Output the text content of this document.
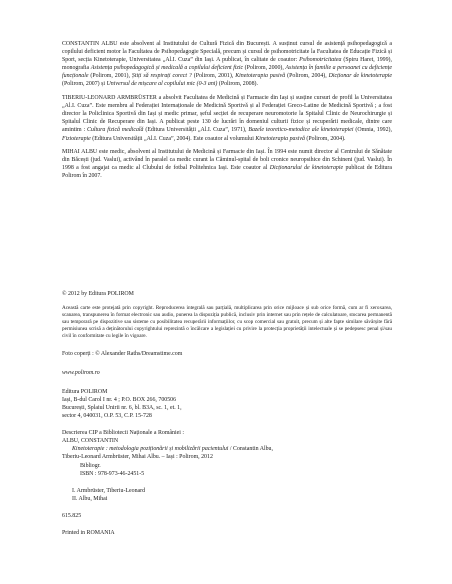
CONSTANTIN ALBU este absolvent al Institutului de Cultură Fizică din București. A susținut cursul de asistență psihopedagogică a copilului deficient motor la Facultatea de Psihopedagogie Specială, precum și cursul de psihomotricitate la Facultatea de Educație Fizică și Sport, secția Kinetoterapie, Universitatea „Al.I. Cuza” din Iași. A publicat, în calitate de coautor: Psihomotricitatea (Spiru Haret, 1999), monografia Asistența psihopedagogică și medicală a copilului deficient fizic (Polirom, 2000), Asistența în familie a persoanei cu deficiențe funcționale (Polirom, 2001), Știți să respirați corect ? (Polirom, 2001), Kinetoterapia pasivă (Polirom, 2004), Dicționar de kinetoterapie (Polirom, 2007) și Universul de mișcare al copilului mic (0-3 ani) (Polirom, 2008).

TIBERIU-LEONARD ARMBRÜSTER a absolvit Facultatea de Medicină și Farmacie din Iași și susține cursuri de profil la Universitatea „Al.I. Cuza”. Este membru al Federației Internaționale de Medicină Sportivă și al Federației Greco-Latine de Medicină Sportivă ; a fost director la Policlinica Sportivă din Iași și medic primar, șeful secției de recuperare neuromotorie la Spitalul Clinic de Neurochirurgie și Spitalul Clinic de Recuperare din Iași. A publicat peste 130 de lucrări în domeniul culturii fizice și recuperării medicale, dintre care amintim : Cultura fizică medicală (Editura Universității „Al.I. Cuza”, 1971), Bazele teoretico-metodice ale kinetoterapiei (Omnia, 1992), Fizioterapie (Editura Universității „Al.I. Cuza”, 2004). Este coautor al volumului Kinetoterapia pasivă (Polirom, 2004).

MIHAI ALBU este medic, absolvent al Institutului de Medicină și Farmacie din Iași. În 1994 este numit director al Centrului de Sănătate din Băcești (jud. Vaslui), activând în paralel ca medic curant la Căminul-spital de boli cronice neuropsihice din Schineni (jud. Vaslui). În 1998 a fost angajat ca medic al Clubului de fotbal Politehnica Iași. Este coautor al Dicționarului de kinetoterapie publicat de Editura Polirom în 2007.

© 2012 by Editura POLIROM

Această carte este protejată prin copyright. Reproducerea integrală sau parțială, multiplicarea prin orice mijloace și sub orice formă, cum ar fi xeroxarea, scanarea, transpunerea în format electronic sau audio, punerea la dispoziția publică, inclusiv prin internet sau prin rețele de calculatoare, stocarea permanentă sau temporară pe dispozitive sau sisteme cu posibilitatea recuperării informațiilor, cu scop comercial sau gratuit, precum și alte fapte similare săvârșite fără permisiunea scrisă a deținătorului copyrightului reprezintă o încălcare a legislației cu privire la protecția proprietății intelectuale și se pedepsesc penal și/sau civil în conformitate cu legile în vigoare.

Foto coperți : © Alexander Raths/Dreamstime.com

www.polirom.ro

Editura POLIROM

Iași, B-dul Carol I nr. 4 ; P.O. BOX 266, 700506

București, Splaiul Unirii nr. 6, bl. B3A, sc. 1, et. 1,

sector 4, 040031, O.P. 53, C.P. 15-728

Descrierea CIP a Bibliotecii Naționale a României :

ALBU, CONSTANTIN

Kinetoterapie : metodologia poziționării și mobilizării pacientului / Constantin Albu,

Tiberiu-Leonard Armbrüster, Mihai Albu. – Iași : Polirom, 2012

Bibliogr.

ISBN : 978-973-46-2451-5

I. Armbrüster, Tiberiu-Leonard

II. Albu, Mihai

615.825

Printed in ROMANIA
